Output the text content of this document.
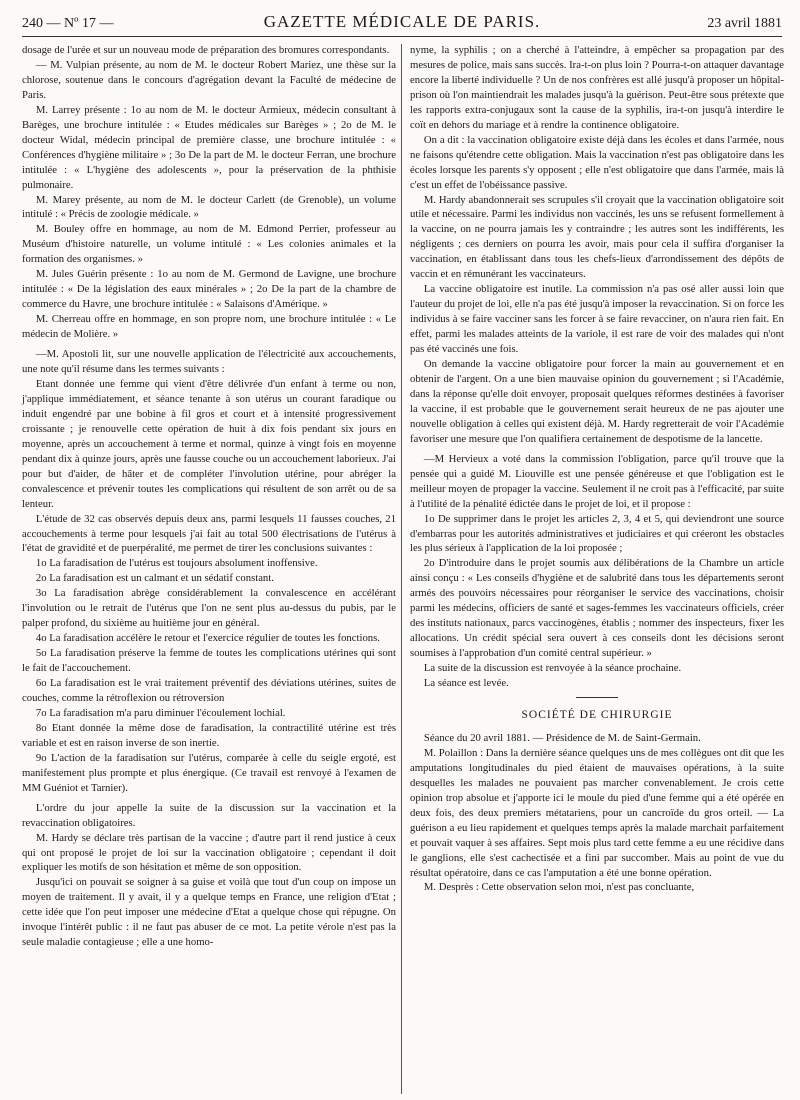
240 — Nº 17 —	GAZETTE MÉDICALE DE PARIS.	23 avril 1881

dosage de l'urée et sur un nouveau mode de préparation des bromures correspondants.

— M. Vulpian présente, au nom de M. le docteur Robert Mariez, une thèse sur la chlorose, soutenue dans le concours d'agrégation devant la Faculté de médecine de Paris.

M. Larrey présente : 1o au nom de M. le docteur Armieux, médecin consultant à Barèges, une brochure intitulée : « Etudes médicales sur Barèges » ; 2o de M. le docteur Widal, médecin principal de première classe, une brochure intitulée : « Conférences d'hygiène militaire » ; 3o De la part de M. le docteur Ferran, une brochure intitulée : « L'hygiène des adolescents », pour la préservation de la phthisie pulmonaire.

M. Marey présente, au nom de M. le docteur Carlett (de Grenoble), un volume intitulé : « Précis de zoologie médicale. »

M. Bouley offre en hommage, au nom de M. Edmond Perrier, professeur au Muséum d'histoire naturelle, un volume intitulé : « Les colonies animales et la formation des organismes. »

M. Jules Guérin présente : 1o au nom de M. Germond de Lavigne, une brochure intitulée : « De la législation des eaux minérales » ; 2o De la part de la chambre de commerce du Havre, une brochure intitulée : « Salaisons d'Amérique. »

M. Cherreau offre en hommage, en son propre nom, une brochure intitulée : « Le médecin de Molière. »

—M. Apostoli lit, sur une nouvelle application de l'électricité aux accouchements, une note qu'il résume dans les termes suivants :

Etant donnée une femme qui vient d'être délivrée d'un enfant à terme ou non, j'applique immédiatement, et séance tenante à son utérus un courant faradique ou induit engendré par une bobine à fil gros et court et à intensité progressivement croissante ; je renouvelle cette opération de huit à dix fois pendant six jours en moyenne, après un accouchement à terme et normal, quinze à vingt fois en moyenne pendant dix à quinze jours, après une fausse couche ou un accouchement laborieux. J'ai pour but d'aider, de hâter et de compléter l'involution utérine, pour abréger la convalescence et prévenir toutes les complications qui résultent de son arrêt ou de sa lenteur.

L'étude de 32 cas observés depuis deux ans, parmi lesquels 11 fausses couches, 21 accouchements à terme pour lesquels j'ai fait au total 500 électrisations de l'utérus à l'état de gravidité et de puerpéralité, me permet de tirer les conclusions suivantes :

1o La faradisation de l'utérus est toujours absolument inoffensive.

2o La faradisation est un calmant et un sédatif constant.

3o La faradisation abrège considérablement la convalescence en accélérant l'involution ou le retrait de l'utérus que l'on ne sent plus au-dessus du pubis, par le palper profond, du sixième au huitième jour en général.

4o La faradisation accélère le retour et l'exercice régulier de toutes les fonctions.

5o La faradisation préserve la femme de toutes les complications utérines qui sont le fait de l'accouchement.

6o La faradisation est le vrai traitement préventif des déviations utérines, suites de couches, comme la rétroflexion ou rétroversion

7o La faradisation m'a paru diminuer l'écoulement lochial.

8o Etant donnée la même dose de faradisation, la contractilité utérine est très variable et est en raison inverse de son inertie.

9o L'action de la faradisation sur l'utérus, comparée à celle du seigle ergoté, est manifestement plus prompte et plus énergique. (Ce travail est renvoyé à l'examen de MM Guéniot et Tarnier).

L'ordre du jour appelle la suite de la discussion sur la vaccination et la revaccination obligatoires.

M. Hardy se déclare très partisan de la vaccine ; d'autre part il rend justice à ceux qui ont proposé le projet de loi sur la vaccination obligatoire ; cependant il doit expliquer les motifs de son hésitation et même de son opposition.

Jusqu'ici on pouvait se soigner à sa guise et voilà que tout d'un coup on impose un moyen de traitement. Il y avait, il y a quelque temps en France, une religion d'Etat ; cette idée que l'on peut imposer une médecine d'Etat a quelque chose qui répugne. On invoque l'intérêt public : il ne faut pas abuser de ce mot. La petite vérole n'est pas la seule maladie contagieuse ; elle a une homo-

nyme, la syphilis ; on a cherché à l'atteindre, à empêcher sa propagation par des mesures de police, mais sans succès. Ira-t-on plus loin ? Pourra-t-on attaquer davantage encore la liberté individuelle ? Un de nos confrères est allé jusqu'à proposer un hôpital-prison où l'on maintiendrait les malades jusqu'à la guérison. Peut-être sous prétexte que les rapports extra-conjugaux sont la cause de la syphilis, ira-t-on jusqu'à interdire le coït en dehors du mariage et à rendre la continence obligatoire.

On a dit : la vaccination obligatoire existe déjà dans les écoles et dans l'armée, nous ne faisons qu'étendre cette obligation. Mais la vaccination n'est pas obligatoire dans les écoles lorsque les parents s'y opposent ; elle n'est obligatoire que dans l'armée, mais là c'est un effet de l'obéissance passive.

M. Hardy abandonnerait ses scrupules s'il croyait que la vaccination obligatoire soit utile et nécessaire. Parmi les individus non vaccinés, les uns se refusent formellement à la vaccine, on ne pourra jamais les y contraindre ; les autres sont les indifférents, les négligents ; ces derniers on pourra les avoir, mais pour cela il suffira d'organiser la vaccination, en établissant dans tous les chefs-lieux d'arrondissement des dépôts de vaccin et en rémunérant les vaccinateurs.

La vaccine obligatoire est inutile. La commission n'a pas osé aller aussi loin que l'auteur du projet de loi, elle n'a pas été jusqu'à imposer la revaccination. Si on force les individus à se faire vacciner sans les forcer à se faire revacciner, on n'aura rien fait. En effet, parmi les malades atteints de la variole, il est rare de voir des malades qui n'ont pas été vaccinés une fois.

On demande la vaccine obligatoire pour forcer la main au gouvernement et en obtenir de l'argent. On a une bien mauvaise opinion du gouvernement ; si l'Académie, dans la réponse qu'elle doit envoyer, proposait quelques réformes destinées à favoriser la vaccine, il est probable que le gouvernement serait heureux de ne pas ajouter une nouvelle obligation à celles qui existent déjà. M. Hardy regretterait de voir l'Académie favoriser une mesure que l'on qualifiera certainement de despotisme de la lancette.

—M Hervieux a voté dans la commission l'obligation, parce qu'il trouve que la pensée qui a guidé M. Liouville est une pensée généreuse et que l'obligation est le meilleur moyen de propager la vaccine. Seulement il ne croit pas à l'efficacité, par suite à l'utilité de la pénalité édictée dans le projet de loi, et il propose :

1o De supprimer dans le projet les articles 2, 3, 4 et 5, qui deviendront une source d'embarras pour les autorités administratives et judiciaires et qui créeront les obstacles les plus sérieux à l'application de la loi proposée ;

2o D'introduire dans le projet soumis aux délibérations de la Chambre un article ainsi conçu : « Les conseils d'hygiène et de salubrité dans tous les départements seront armés des pouvoirs nécessaires pour réorganiser le service des vaccinations, choisir parmi les médecins, officiers de santé et sages-femmes les vaccinateurs officiels, créer des instituts nationaux, parcs vaccinogènes, établis ; nommer des inspecteurs, fixer les allocations. Un crédit spécial sera ouvert à ces conseils dont les décisions seront soumises à l'approbation d'un comité central supérieur. »

La suite de la discussion est renvoyée à la séance prochaine.

La séance est levée.

SOCIÉTÉ DE CHIRURGIE

Séance du 20 avril 1881. — Présidence de M. de Saint-Germain.

M. Polaillon : Dans la dernière séance quelques uns de mes collègues ont dit que les amputations longitudinales du pied étaient de mauvaises opérations, à la suite desquelles les malades ne pouvaient pas marcher convenablement. Je crois cette opinion trop absolue et j'apporte ici le moule du pied d'une femme qui a été opérée en deux fois, des deux premiers métatariens, pour un cancroïde du gros orteil. — La guérison a eu lieu rapidement et quelques temps après la malade marchait parfaitement et pouvait vaquer à ses affaires. Sept mois plus tard cette femme a eu une récidive dans le ganglions, elle s'est cachectisée et a fini par succomber. Mais au point de vue du résultat opératoire, dans ce cas l'amputation a été une bonne opération.

M. Desprès : Cette observation selon moi, n'est pas concluante,
